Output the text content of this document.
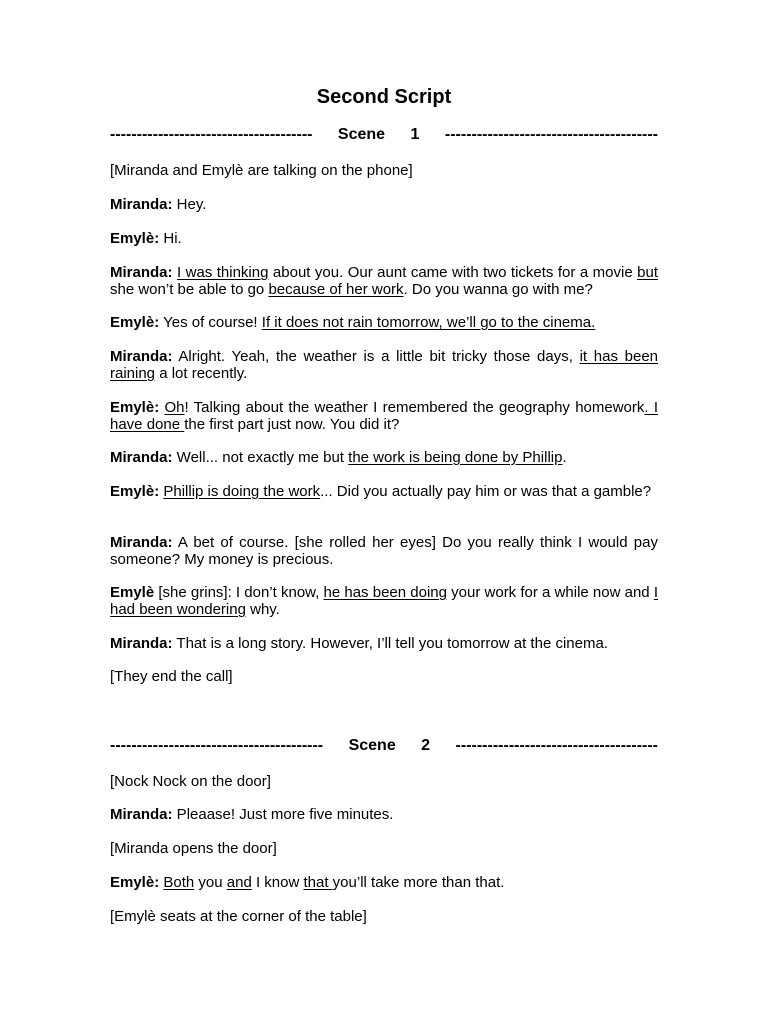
Second Script
-------------------------------------- Scene 1 ----------------------------------------
[Miranda and Emylè are talking on the phone]
Miranda: Hey.
Emylè: Hi.
Miranda: I was thinking about you. Our aunt came with two tickets for a movie but she won’t be able to go because of her work. Do you wanna go with me?
Emylè: Yes of course! If it does not rain tomorrow, we’ll go to the cinema.
Miranda: Alright. Yeah, the weather is a little bit tricky those days, it has been raining a lot recently.
Emylè: Oh! Talking about the weather I remembered the geography homework. I have done the first part just now. You did it?
Miranda: Well... not exactly me but the work is being done by Phillip.
Emylè: Phillip is doing the work... Did you actually pay him or was that a gamble?
Miranda: A bet of course. [she rolled her eyes] Do you really think I would pay someone? My money is precious.
Emylè [she grins]: I don’t know, he has been doing your work for a while now and I had been wondering why.
Miranda: That is a long story. However, I’ll tell you tomorrow at the cinema.
[They end the call]
---------------------------------------- Scene 2 --------------------------------------
[Nock Nock on the door]
Miranda: Pleaase! Just more five minutes.
[Miranda opens the door]
Emylè: Both you and I know that you’ll take more than that.
[Emylè seats at the corner of the table]
